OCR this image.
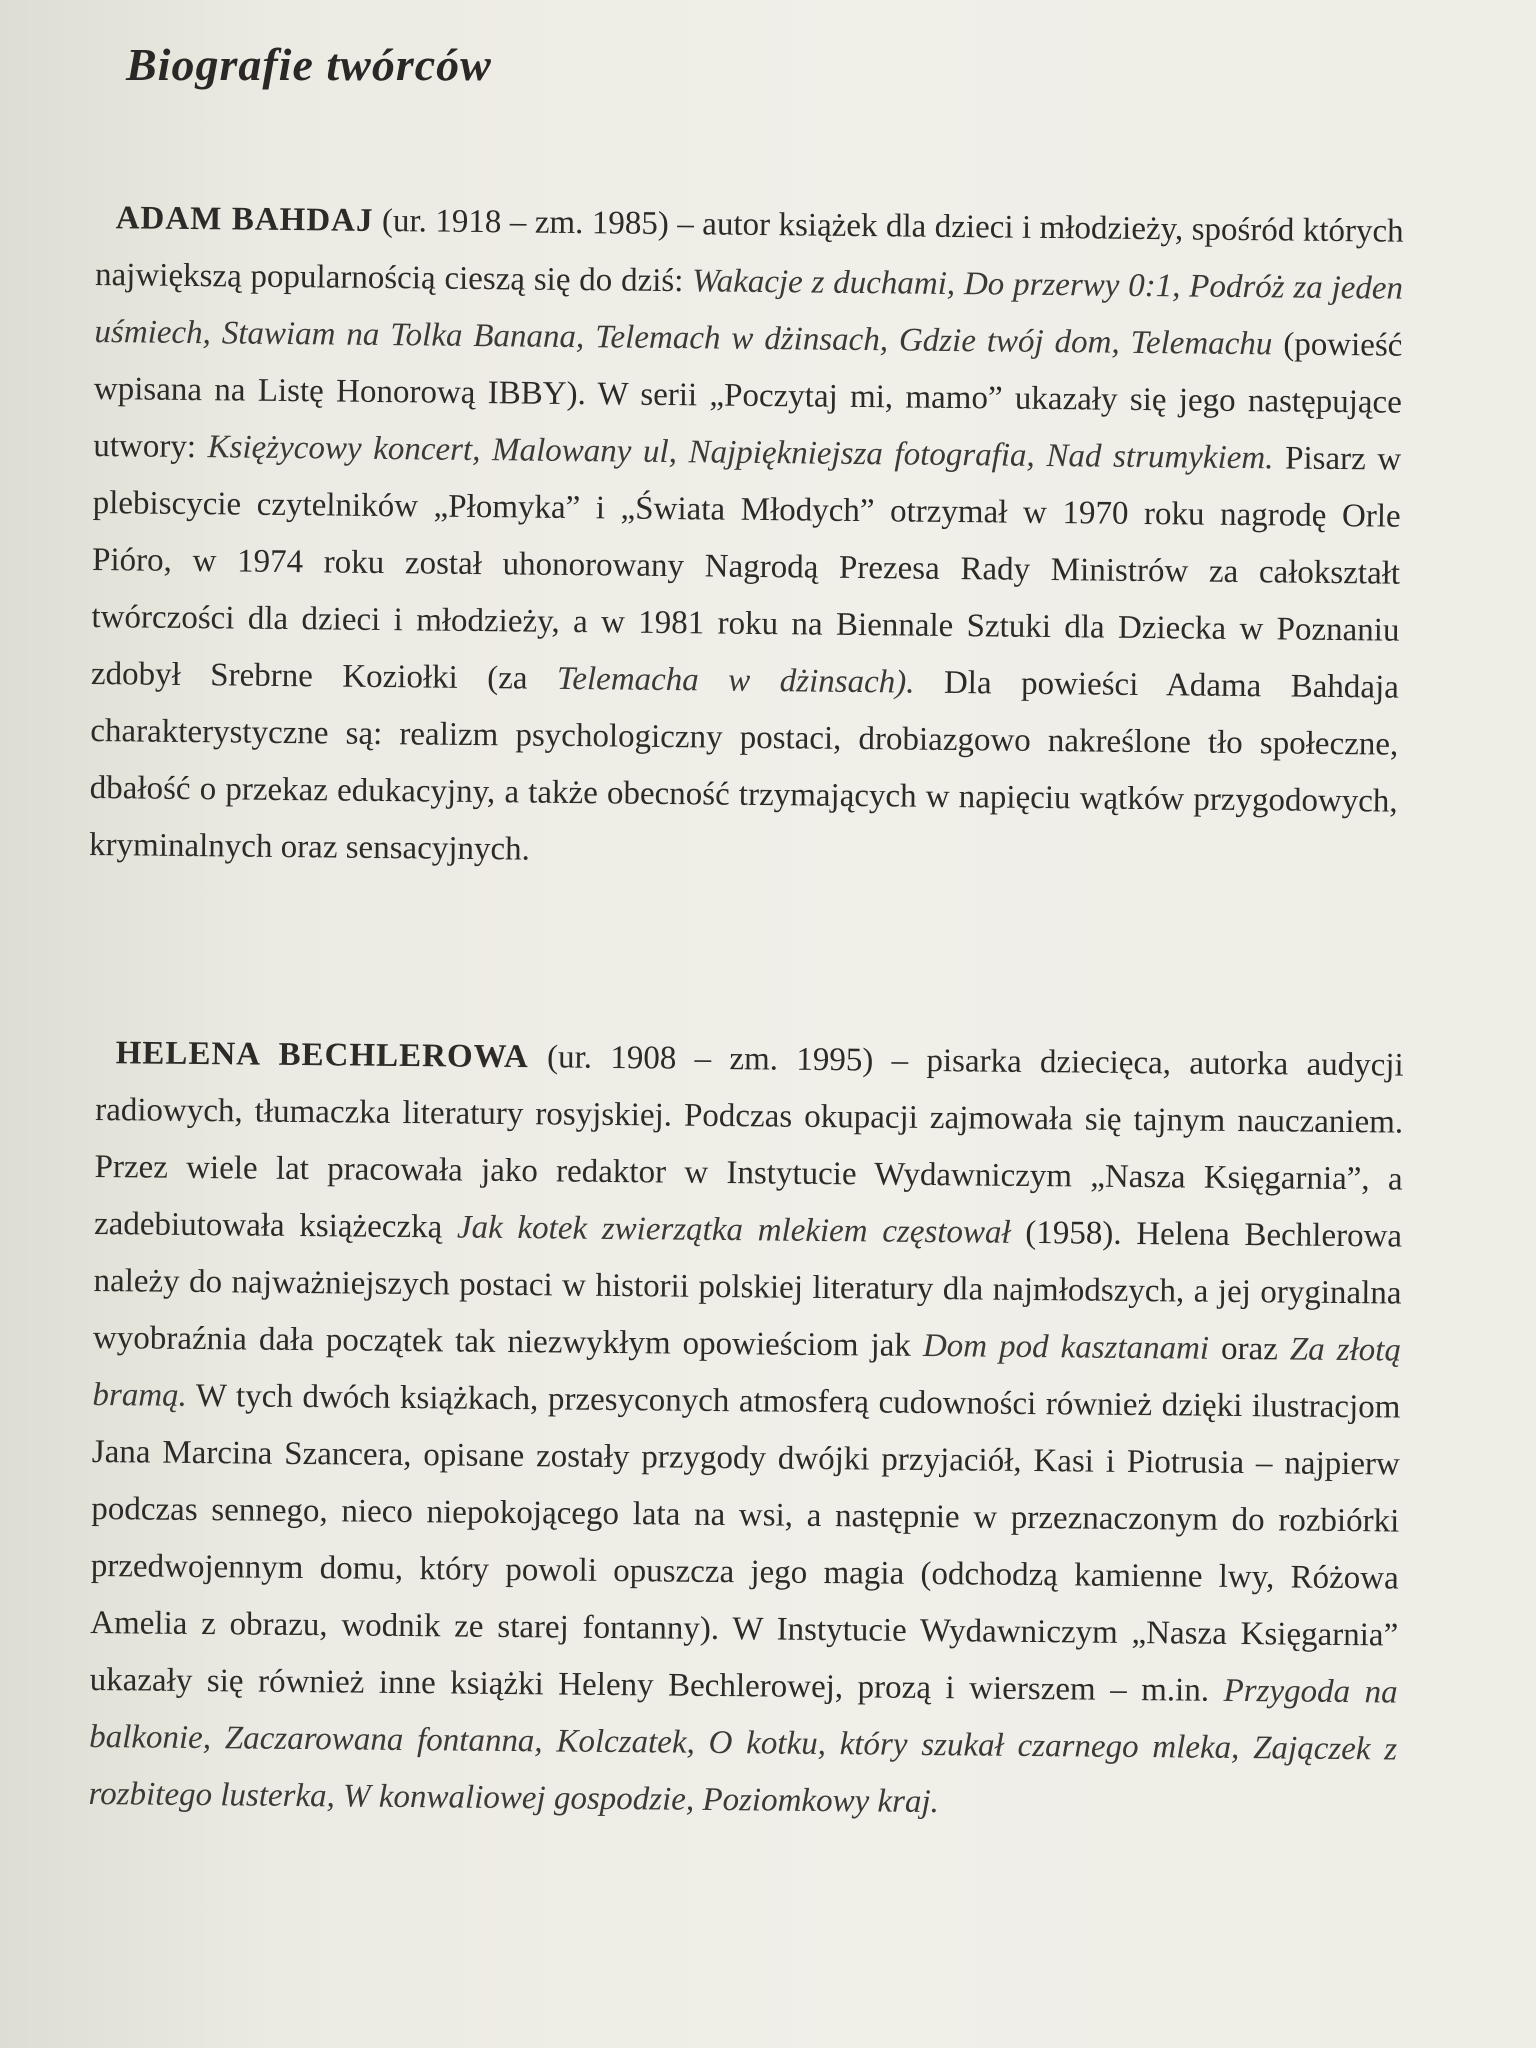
Biografie twórców

ADAM BAHDAJ (ur. 1918 – zm. 1985) – autor książek dla dzieci i młodzieży, spośród których największą popularnością cieszą się do dziś: Wakacje z duchami, Do przerwy 0:1, Podróż za jeden uśmiech, Stawiam na Tolka Banana, Telemach w dżinsach, Gdzie twój dom, Telemachu (powieść wpisana na Listę Honorową IBBY). W serii „Poczytaj mi, mamo” ukazały się jego następujące utwory: Księżycowy koncert, Malowany ul, Najpiękniejsza fotografia, Nad strumykiem. Pisarz w plebiscycie czytelników „Płomyka” i „Świata Młodych” otrzymał w 1970 roku nagrodę Orle Pióro, w 1974 roku został uhonorowany Nagrodą Prezesa Rady Ministrów za całokształt twórczości dla dzieci i młodzieży, a w 1981 roku na Biennale Sztuki dla Dziecka w Poznaniu zdobył Srebrne Koziołki (za Telemacha w dżinsach). Dla powieści Adama Bahdaja charakterystyczne są: realizm psychologiczny postaci, drobiazgowo nakreślone tło społeczne, dbałość o przekaz edukacyjny, a także obecność trzymających w napięciu wątków przygodowych, kryminalnych oraz sensacyjnych.

HELENA BECHLEROWA (ur. 1908 – zm. 1995) – pisarka dziecięca, autorka audycji radiowych, tłumaczka literatury rosyjskiej. Podczas okupacji zajmowała się tajnym nauczaniem. Przez wiele lat pracowała jako redaktor w Instytucie Wydawniczym „Nasza Księgarnia”, a zadebiutowała książeczką Jak kotek zwierzątka mlekiem częstował (1958). Helena Bechlerowa należy do najważniejszych postaci w historii polskiej literatury dla najmłodszych, a jej oryginalna wyobraźnia dała początek tak niezwykłym opowieściom jak Dom pod kasztanami oraz Za złotą bramą. W tych dwóch książkach, przesyconych atmosferą cudowności również dzięki ilustracjom Jana Marcina Szancera, opisane zostały przygody dwójki przyjaciół, Kasi i Piotrusia – najpierw podczas sennego, nieco niepokojącego lata na wsi, a następnie w przeznaczonym do rozbiórki przedwojennym domu, który powoli opuszcza jego magia (odchodzą kamienne lwy, Różowa Amelia z obrazu, wodnik ze starej fontanny). W Instytucie Wydawniczym „Nasza Księgarnia” ukazały się również inne książki Heleny Bechlerowej, prozą i wierszem – m.in. Przygoda na balkonie, Zaczarowana fontanna, Kolczatek, O kotku, który szukał czarnego mleka, Zajączek z rozbitego lusterka, W konwaliowej gospodzie, Poziomkowy kraj.
